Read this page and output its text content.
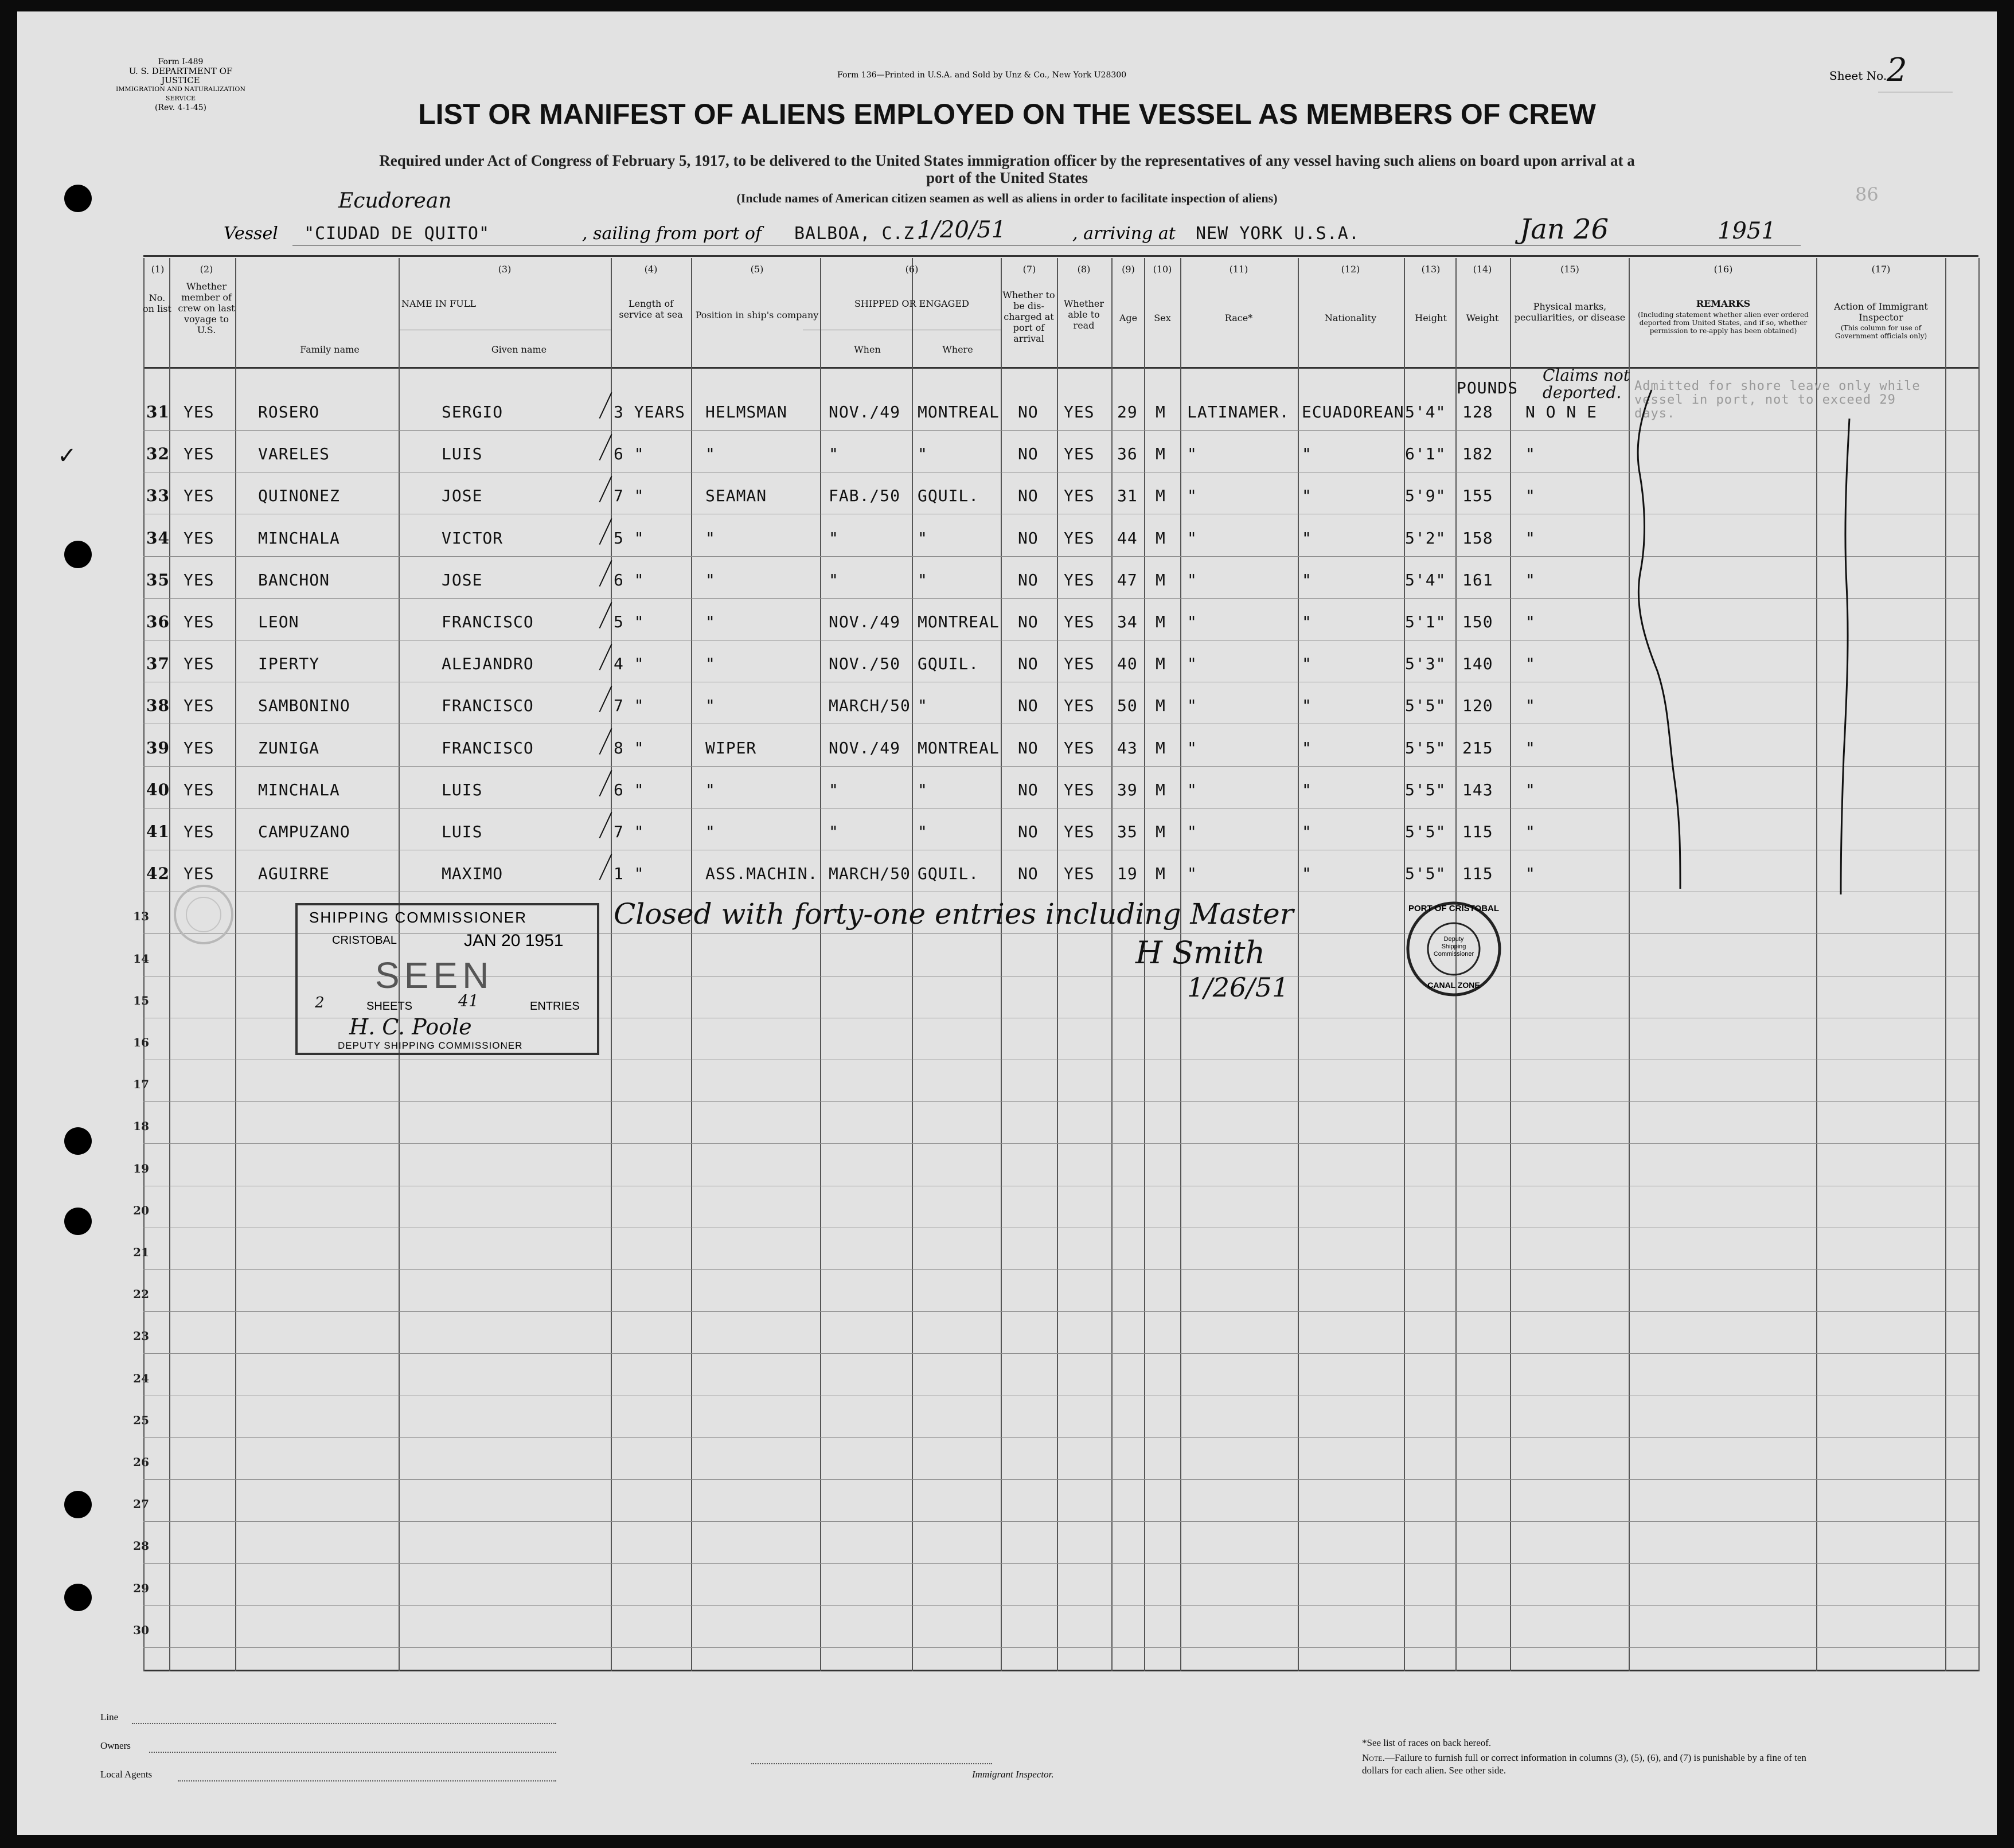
Form I-489
U. S. DEPARTMENT OF JUSTICE
IMMIGRATION AND NATURALIZATION SERVICE
(Rev. 4-1-45)
Form 136—Printed in U.S.A. and Sold by Unz & Co., New York U28300	Sheet No. 2
LIST OR MANIFEST OF ALIENS EMPLOYED ON THE VESSEL AS MEMBERS OF CREW
Required under Act of Congress of February 5, 1917, to be delivered to the United States immigration officer by the representatives of any vessel having such aliens on board upon arrival at a
port of the United States
(Include names of American citizen seamen as well as aliens in order to facilitate inspection of aliens)	86
Ecudorean
Vessel "CIUDAD DE QUITO"	, sailing from port of BALBOA, C.Z.
1/20/51	, arriving at NEW YORK U.S.A.	Jan 26	1951
(1)
No. on list
(2)
Whether member of crew on last voyage to U.S.
(3)
NAME IN FULL
Family name	Given name
(4)
Length of service at sea
(5)
Position in ship's company
(6)
SHIPPED OR ENGAGED
When	Where
(7)
Whether to be dis-charged at port of arrival
(8)
Whether able to read
(9)
Age
(10)
Sex
(11)
Race*
(12)
Nationality
(13)
Height
(14)
Weight
(15)
Physical marks, peculiarities, or disease
(16)
REMARKS
(Including statement whether alien ever ordered deported from United States, and if so, whether permission to re-apply has been obtained)
(17)
Action of Immigrant Inspector
(This column for use of Government officials only)
31 YES	ROSERO	SERGIO	3 YEARS HELMSMAN	NOV./49 MONTREAL NO YES 29 M LATINAMER. ECUADOREAN 5'4" 128 N O N E
32 YES	VARELES	LUIS	6 "	"	"	"	NO YES 36 M "	"	6'1" 182 "
33 YES	QUINONEZ	JOSE	7 "	SEAMAN	FAB./50 GQUIL. NO YES 31 M "	"	5'9" 155 "
34 YES	MINCHALA	VICTOR	5 "	"	"	"	NO YES 44 M "	"	5'2" 158 "
35 YES	BANCHON	JOSE	6 "	"	"	"	NO YES 47 M "	"	5'4" 161 "
36 YES	LEON	FRANCISCO	5 "	"	NOV./49 MONTREAL NO YES 34 M "	"	5'1" 150 "
37 YES	IPERTY	ALEJANDRO	4 "	"	NOV./50 GQUIL. NO YES 40 M "	"	5'3" 140 "
38 YES	SAMBONINO	FRANCISCO	7 "	"	MARCH/50 "	NO YES 50 M "	"	5'5" 120 "
39 YES	ZUNIGA	FRANCISCO	8 "	WIPER	NOV./49 MONTREAL NO YES 43 M "	"	5'5" 215 "
40 YES	MINCHALA	LUIS	6 "	"	"	"	NO YES 39 M "	"	5'5" 143 "
41 YES	CAMPUZANO	LUIS	7 "	"	"	"	NO YES 35 M "	"	5'5" 115 "
42 YES	AGUIRRE	MAXIMO	1 "	ASS.MACHIN. MARCH/50 GQUIL. NO YES 19 M "	"	5'5" 115 "
13
14
15
16
17
18
19
20
21
22
23
24
25
26
27
28
29
30
POUNDS
Claims not deported.	Admitted for shore leave only while vessel in port, not to exceed 29 days.
✓
Closed with forty-one entries including Master
H Smith
1/26/51
SHIPPING COMMISSIONER
CRISTOBAL	JAN 20 1951
SEEN
2	SHEETS	41	ENTRIES
H. C. Poole
DEPUTY SHIPPING COMMISSIONER
PORT OF CRISTOBAL
Deputy Shipping Commissioner
CANAL ZONE
Line
Owners
Local Agents	Immigrant Inspector.
*See list of races on back hereof.
Note.—Failure to furnish full or correct information in columns (3), (5), (6), and (7) is punishable by a fine of ten dollars for each alien. See other side.
